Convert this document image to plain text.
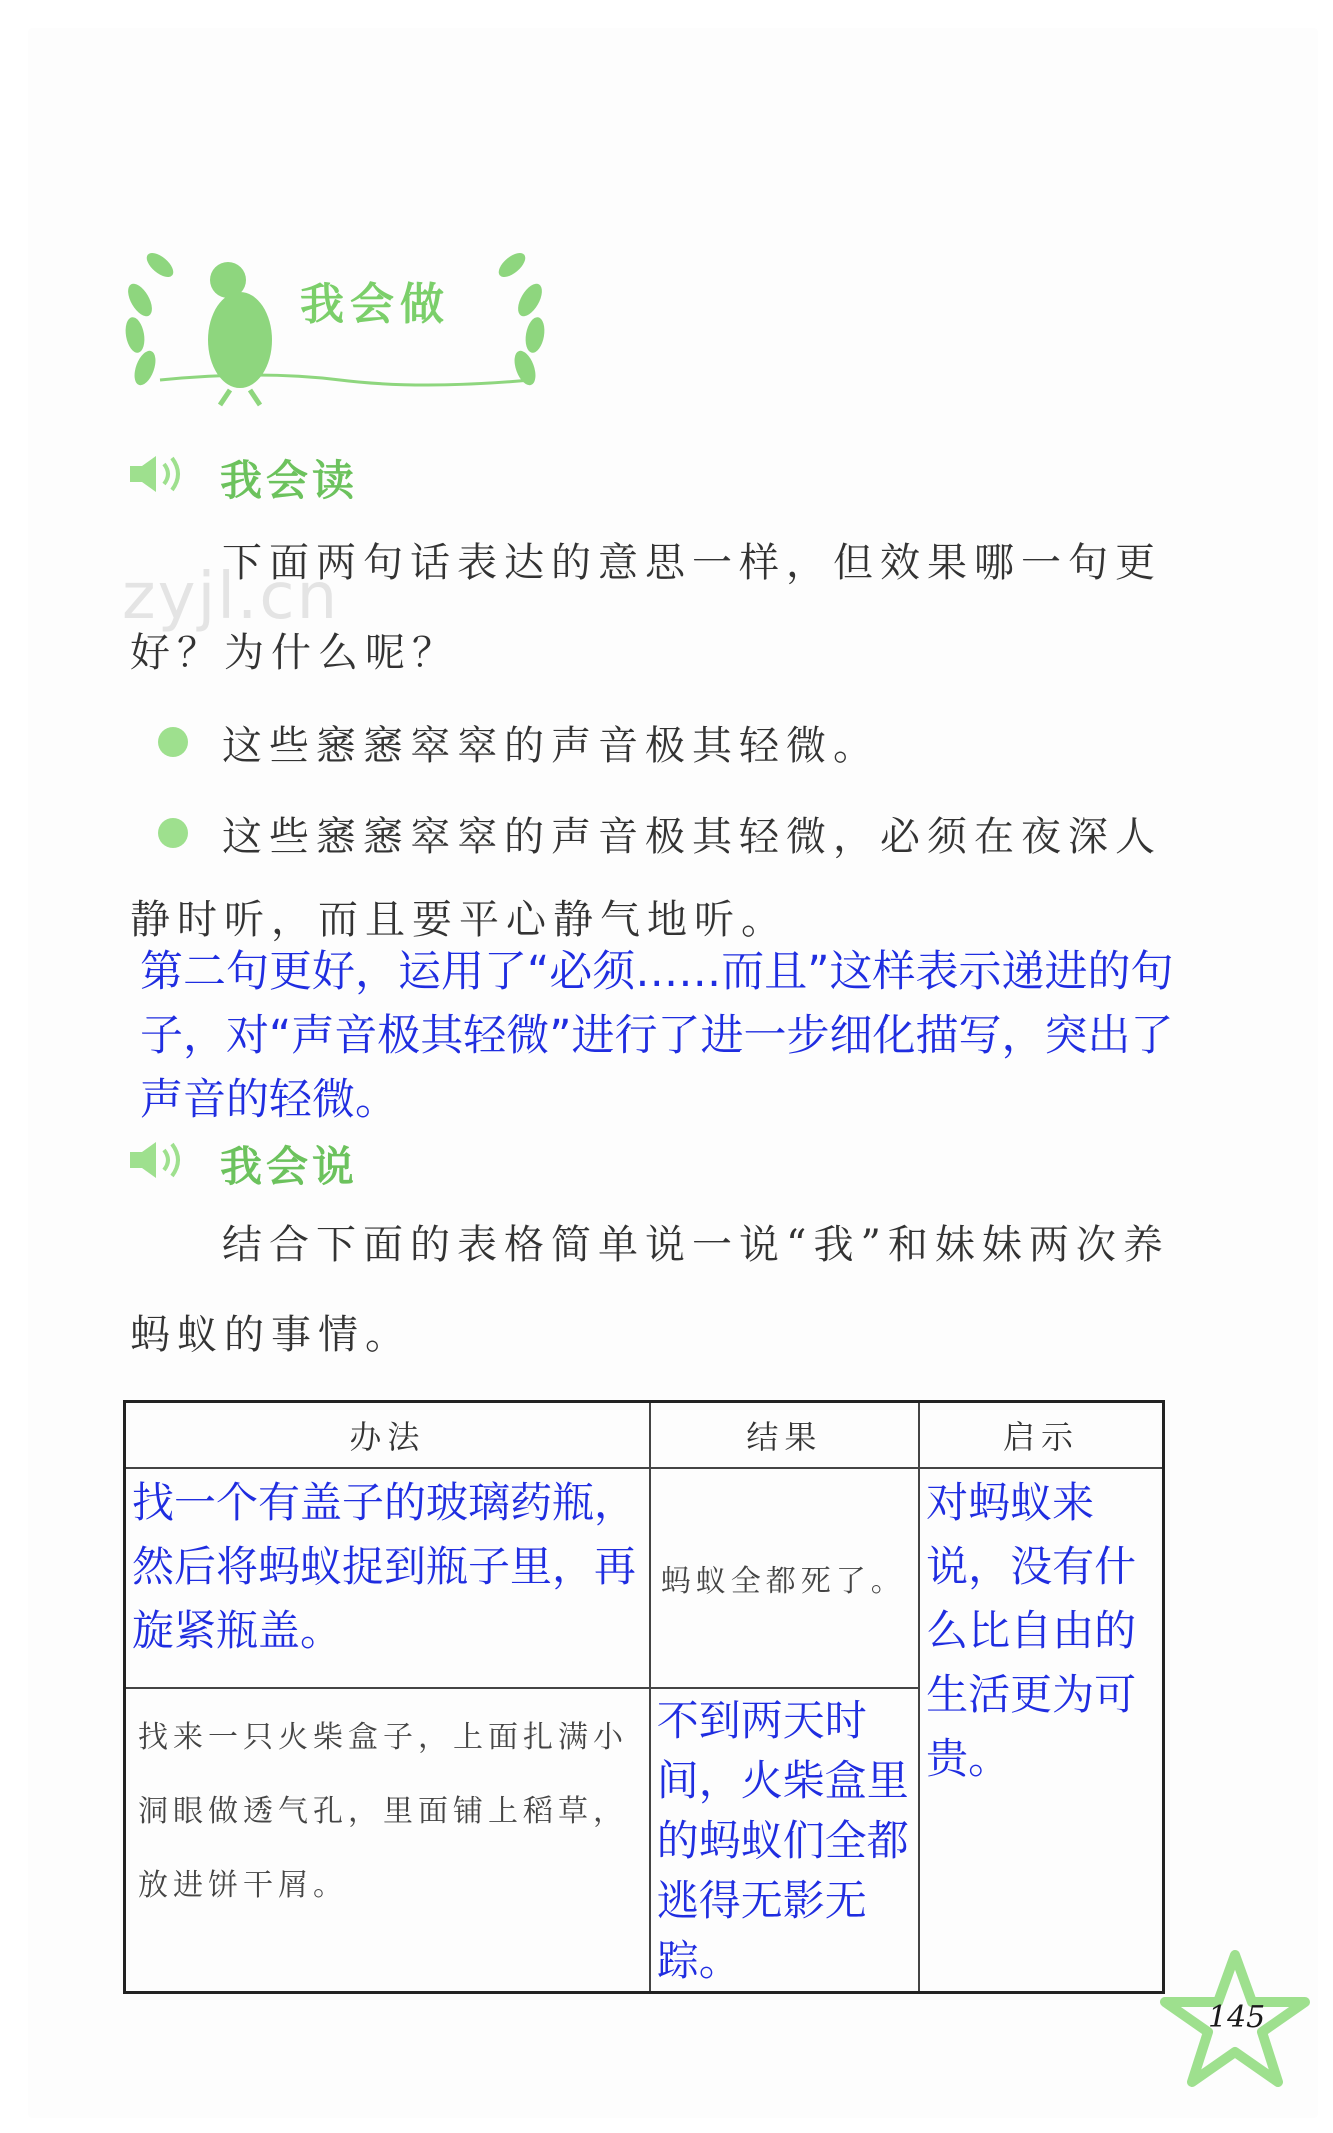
我会做
zyjl.cn
我会读
下面两句话表达的意思一样，但效果哪一句更好？为什么呢？
这些窸窸窣窣的声音极其轻微。
这些窸窸窣窣的声音极其轻微，必须在夜深人
静时听，而且要平心静气地听。
第二句更好，运用了“必须……而且”这样表示递进的句子，对“声音极其轻微”进行了进一步细化描写，突出了声音的轻微。
我会说
结合下面的表格简单说一说“我”和妹妹两次养蚂蚁的事情。
办法	结果	启示

找一个有盖子的玻璃药瓶，然后将蚂蚁捉到瓶子里，再旋紧瓶盖。	蚂蚁全都死了。	对蚂蚁来说，没有什么比自由的生活更为可贵。

找来一只火柴盒子，上面扎满小洞眼做透气孔，里面铺上稻草，放进饼干屑。	不到两天时间，火柴盒里的蚂蚁们全都逃得无影无踪。	
145
